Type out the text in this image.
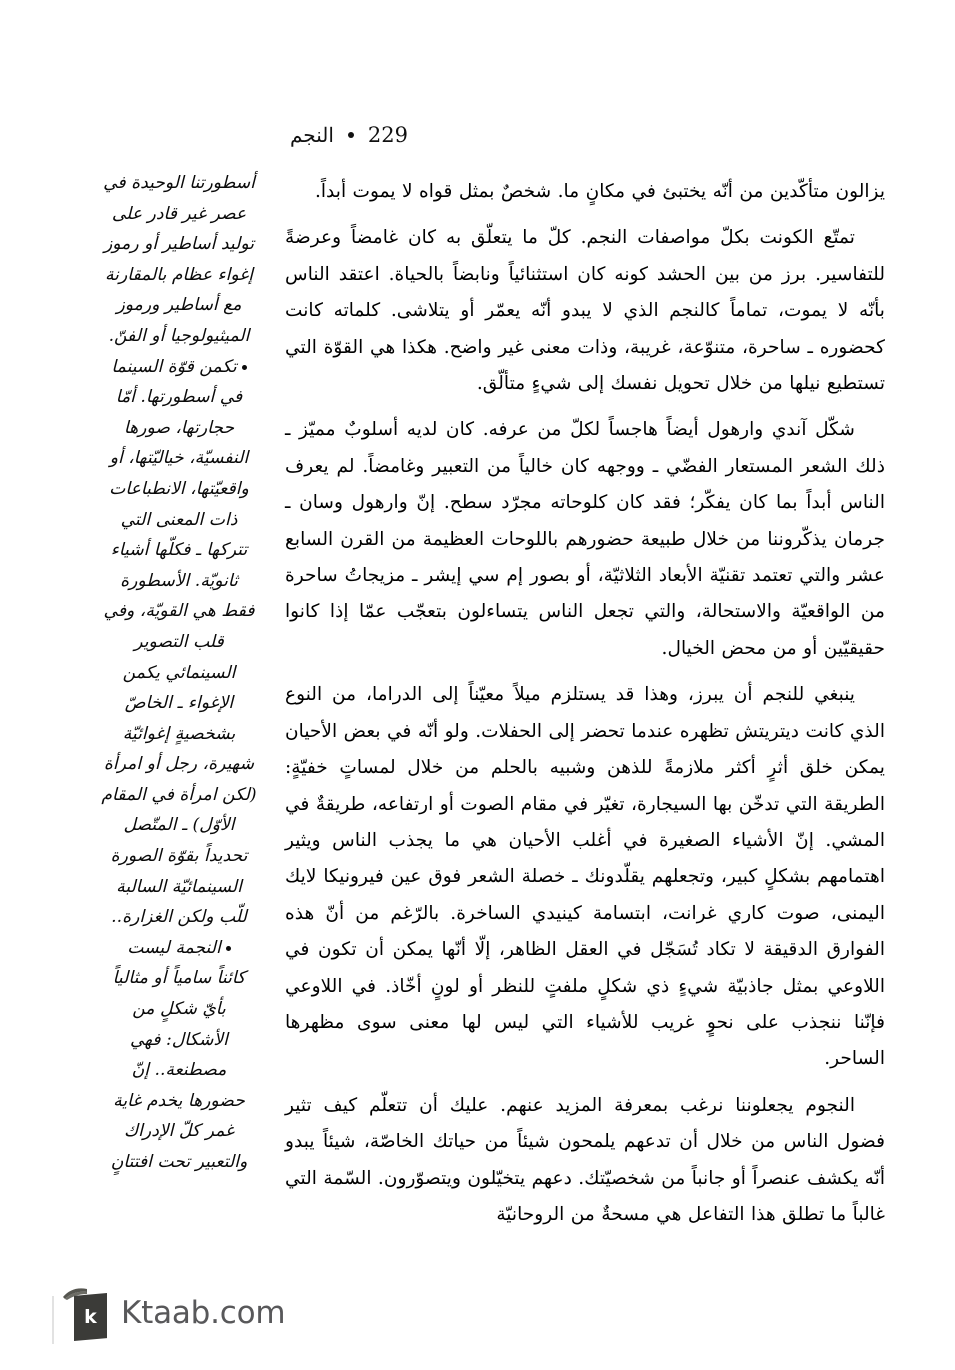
النجم 229
أسطورتنا الوحيدة في
عصر غير قادر على
توليد أساطير أو رموز
إغواء عظام بالمقارنة
مع أساطير ورموز
الميثيولوجيا أو الفنّ.
تكمن قوّة السينما
في أسطورتها. أمّا
حجارتها، صورها
النفسيّة، خياليّتها، أو
واقعيّتها، الانطباعات
ذات المعنى التي
تتركها ـ فكلّها أشياء
ثانويّة. الأسطورة
فقط هي القويّة، وفي
قلب التصوير
السينمائي يكمن
الإغواء ـ الخاصّ
بشخصيةٍ إغوائيّة
شهيرة، رجل أو امرأة
(لكن امرأة في المقام
الأوّل) ـ المتّصل
تحديداً بقوّة الصورة
السينمائيّة السالبة
للّب ولكن الغزارة..
النجمة ليست
كائناً سامياً أو مثالياً
بأيّ شكلٍ من
الأشكال: فهي
مصطنعة.. إنّ
حضورها يخدم غاية
غمر كلّ الإدراك
والتعبير تحت افتتانٍ

يزالون متأكّدين من أنّه يختبئ في مكانٍ ما. شخصٌ بمثل قواه لا يموت أبداً.

تمتّع الكونت بكلّ مواصفات النجم. كلّ ما يتعلّق به كان غامضاً وعرضةً للتفاسير. برز من بين الحشد كونه كان استثنائياً ونابضاً بالحياة. اعتقد الناس بأنّه لا يموت، تماماً كالنجم الذي لا يبدو أنّه يعمّر أو يتلاشى. كلماته كانت كحضوره ـ ساحرة، متنوّعة، غريبة، وذات معنى غير واضح. هكذا هي القوّة التي تستطيع نيلها من خلال تحويل نفسك إلى شيءٍ متألّق.

شكّل آندي وارهول أيضاً هاجساً لكلّ من عرفه. كان لديه أسلوبٌ مميّز ـ ذلك الشعر المستعار الفضّي ـ ووجهه كان خالياً من التعبير وغامضاً. لم يعرف الناس أبداً بما كان يفكّر؛ فقد كان كلوحاته مجرّد سطح. إنّ وارهول وسان ـ جرمان يذكّروننا من خلال طبيعة حضورهم باللوحات العظيمة من القرن السابع عشر والتي تعتمد تقنيّة الأبعاد الثلاثيّة، أو بصور إم سي إيشر ـ مزيجاتُ ساحرة من الواقعيّة والاستحالة، والتي تجعل الناس يتساءلون بتعجّب عمّا إذا كانوا حقيقيّين أو من محض الخيال.

ينبغي للنجم أن يبرز، وهذا قد يستلزم ميلاً معيّناً إلى الدراما، من النوع الذي كانت ديتريتش تظهره عندما تحضر إلى الحفلات. ولو أنّه في بعض الأحيان يمكن خلق أثرٍ أكثر ملازمةً للذهن وشبيه بالحلم من خلال لمساتٍ خفيّةٍ: الطريقة التي تدخّن بها السيجارة، تغيّر في مقام الصوت أو ارتفاعه، طريقةٌ في المشي. إنّ الأشياء الصغيرة في أغلب الأحيان هي ما يجذب الناس ويثير اهتمامهم بشكلٍ كبير، وتجعلهم يقلّدونك ـ خصلة الشعر فوق عين فيرونيكا لايك اليمنى، صوت كاري غرانت، ابتسامة كينيدي الساخرة. بالرّغم من أنّ هذه الفوارق الدقيقة لا تكاد تُسَجّل في العقل الظاهر، إلّا أنّها يمكن أن تكون في اللاوعي بمثل جاذبيّة شيءٍ ذي شكلٍ ملفتٍ للنظر أو لونٍ أخّاذ. في اللاوعي فإنّنا ننجذب على نحوٍ غريب للأشياء التي ليس لها معنى سوى مظهرها الساحر.

النجوم يجعلوننا نرغب بمعرفة المزيد عنهم. عليك أن تتعلّم كيف تثير فضول الناس من خلال أن تدعهم يلمحون شيئاً من حياتك الخاصّة، شيئاً يبدو أنّه يكشف عنصراً أو جانباً من شخصيّتك. دعهم يتخيّلون ويتصوّرون. السّمة التي غالباً ما تطلق هذا التفاعل هي مسحةٌ من الروحانيّة

k Ktaab.com
